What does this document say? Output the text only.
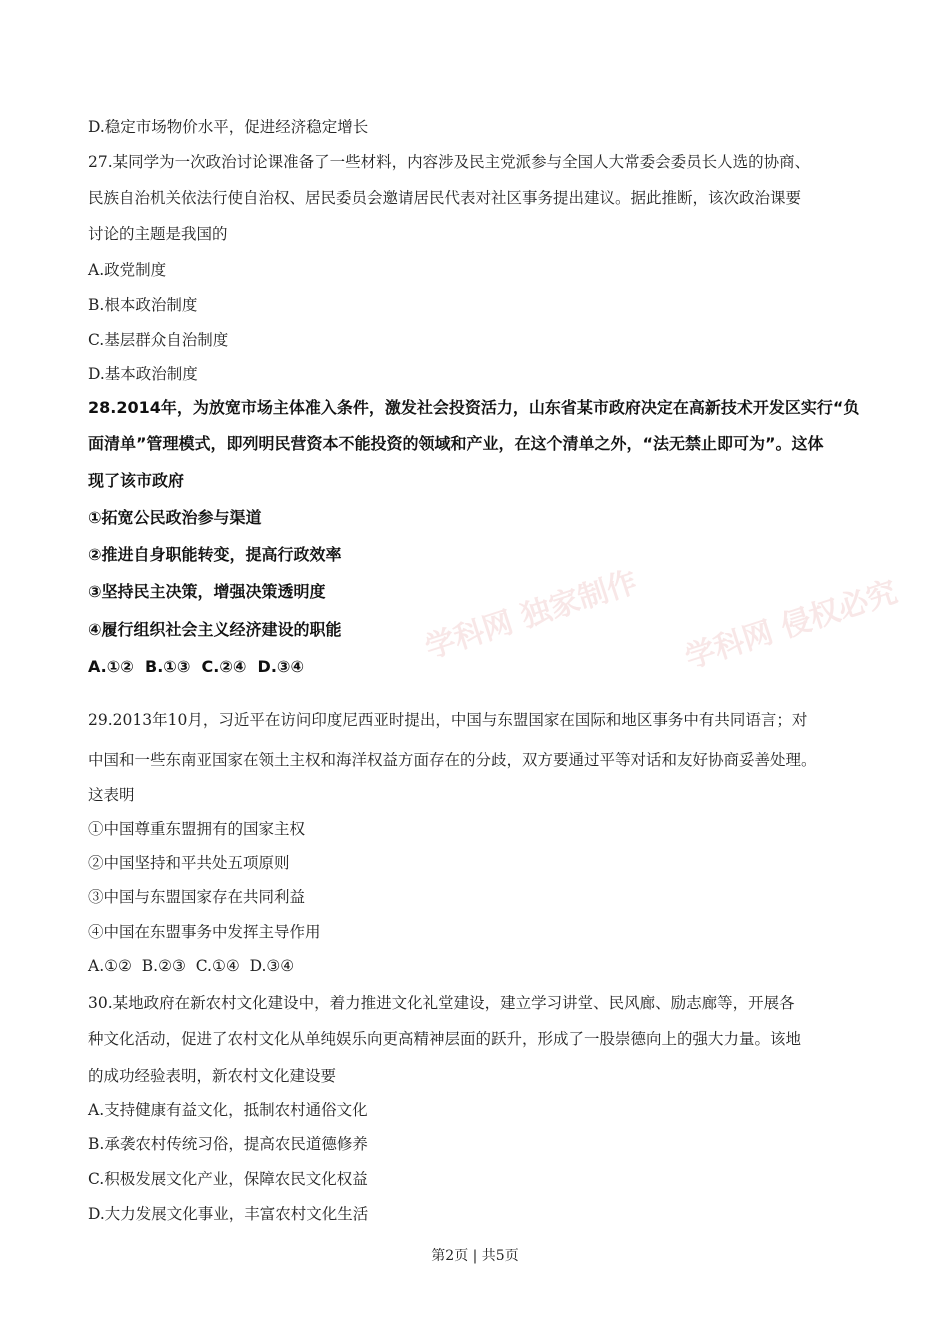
学科网 独家制作 学科网 侵权必究
D.稳定市场物价水平，促进经济稳定增长
27.某同学为一次政治讨论课准备了一些材料，内容涉及民主党派参与全国人大常委会委员长人选的协商、
民族自治机关依法行使自治权、居民委员会邀请居民代表对社区事务提出建议。据此推断，该次政治课要
讨论的主题是我国的
A.政党制度
B.根本政治制度
C.基层群众自治制度
D.基本政治制度
28.2014年，为放宽市场主体准入条件，激发社会投资活力，山东省某市政府决定在高新技术开发区实行“负
面清单”管理模式，即列明民营资本不能投资的领域和产业，在这个清单之外，“法无禁止即可为”。这体
现了该市政府
①拓宽公民政治参与渠道
②推进自身职能转变，提高行政效率
③坚持民主决策，增强决策透明度
④履行组织社会主义经济建设的职能
A.①②  B.①③  C.②④  D.③④
29.2013年10月，习近平在访问印度尼西亚时提出，中国与东盟国家在国际和地区事务中有共同语言；对
中国和一些东南亚国家在领土主权和海洋权益方面存在的分歧，双方要通过平等对话和友好协商妥善处理。
这表明
①中国尊重东盟拥有的国家主权
②中国坚持和平共处五项原则
③中国与东盟国家存在共同利益
④中国在东盟事务中发挥主导作用
A.①②  B.②③  C.①④  D.③④
30.某地政府在新农村文化建设中，着力推进文化礼堂建设，建立学习讲堂、民风廊、励志廊等，开展各
种文化活动，促进了农村文化从单纯娱乐向更高精神层面的跃升，形成了一股崇德向上的强大力量。该地
的成功经验表明，新农村文化建设要
A.支持健康有益文化，抵制农村通俗文化
B.承袭农村传统习俗，提高农民道德修养
C.积极发展文化产业，保障农民文化权益
D.大力发展文化事业，丰富农村文化生活
第2页 | 共5页
